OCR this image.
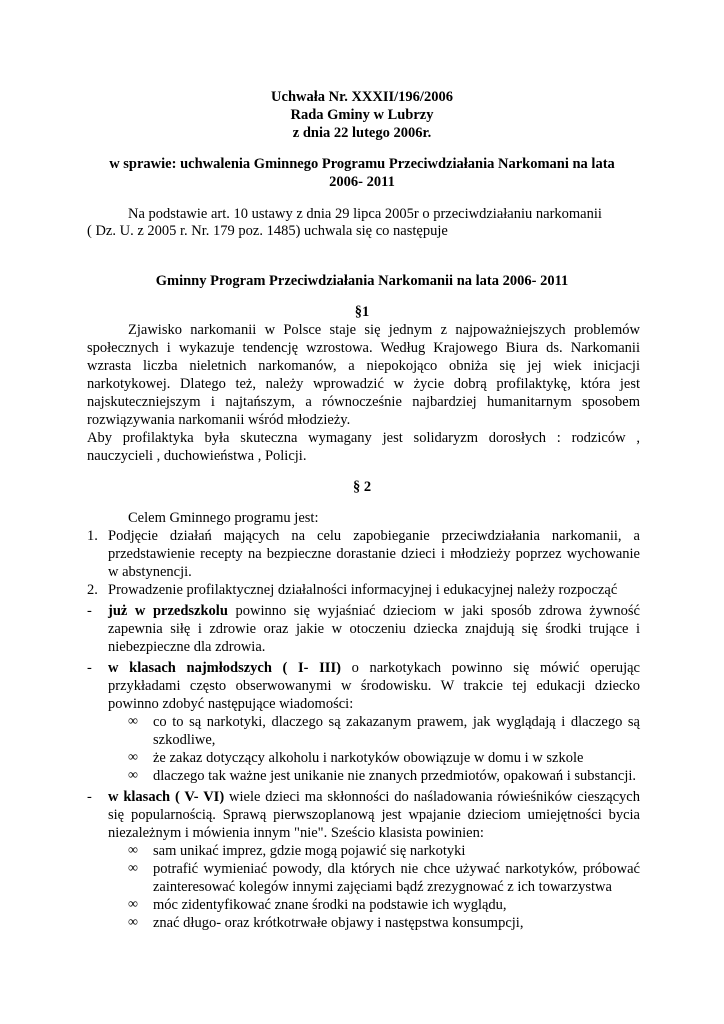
Uchwała Nr. XXXII/196/2006
Rada Gminy w Lubrzy
z dnia 22 lutego 2006r.
w sprawie: uchwalenia Gminnego Programu Przeciwdziałania Narkomani na lata
2006- 2011
Na podstawie art. 10 ustawy z dnia 29 lipca 2005r o przeciwdziałaniu narkomanii
( Dz. U. z 2005 r. Nr. 179 poz. 1485) uchwala się co następuje
Gminny Program Przeciwdziałania Narkomanii na lata 2006- 2011
§1
Zjawisko narkomanii w Polsce staje się jednym z najpoważniejszych problemów
społecznych i wykazuje tendencję wzrostowa. Według Krajowego Biura ds. Narkomanii
wzrasta liczba nieletnich narkomanów, a niepokojąco obniża się jej wiek inicjacji
narkotykowej. Dlatego też, należy wprowadzić w życie dobrą profilaktykę, która jest
najskuteczniejszym i najtańszym, a równocześnie najbardziej humanitarnym sposobem
rozwiązywania narkomanii wśród młodzieży.
Aby profilaktyka była skuteczna wymagany jest solidaryzm dorosłych : rodziców ,
nauczycieli , duchowieństwa , Policji.
§ 2
Celem Gminnego programu jest:
1. Podjęcie działań mających na celu zapobieganie przeciwdziałania narkomanii, a
przedstawienie recepty na bezpieczne dorastanie dzieci i młodzieży poprzez wychowanie
w abstynencji.
2. Prowadzenie profilaktycznej działalności informacyjnej i edukacyjnej należy rozpocząć
- już w przedszkolu powinno się wyjaśniać dzieciom w jaki sposób zdrowa żywność
zapewnia siłę i zdrowie oraz jakie w otoczeniu dziecka znajdują się środki trujące i
niebezpieczne dla zdrowia.
- w klasach najmłodszych ( I- III) o narkotykach powinno się mówić operując
przykładami często obserwowanymi w środowisku. W trakcie tej edukacji dziecko
powinno zdobyć następujące wiadomości:
∞ co to są narkotyki, dlaczego są zakazanym prawem, jak wyglądają i dlaczego są
szkodliwe,
∞ że zakaz dotyczący alkoholu i narkotyków obowiązuje w domu i w szkole
∞ dlaczego tak ważne jest unikanie nie znanych przedmiotów, opakowań i substancji.
- w klasach ( V- VI) wiele dzieci ma skłonności do naśladowania rówieśników cieszących
się popularnością. Sprawą pierwszoplanową jest wpajanie dzieciom umiejętności bycia
niezależnym i mówienia innym "nie". Sześcio klasista powinien:
∞ sam unikać imprez, gdzie mogą pojawić się narkotyki
∞ potrafić wymieniać powody, dla których nie chce używać narkotyków, próbować
zainteresować kolegów innymi zajęciami bądź zrezygnować z ich towarzystwa
∞ móc zidentyfikować znane środki na podstawie ich wyglądu,
∞ znać długo- oraz krótkotrwałe objawy i następstwa konsumpcji,
